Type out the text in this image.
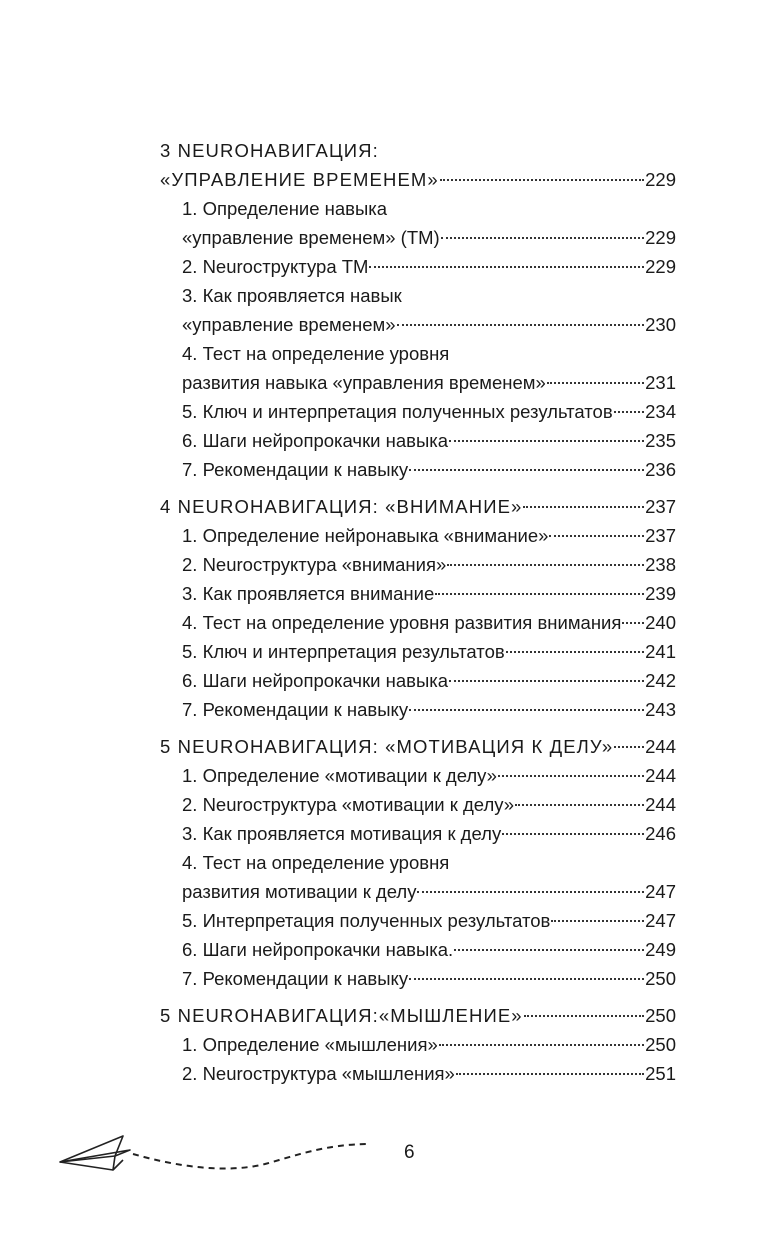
3 NEUROНАВИГАЦИЯ:
«УПРАВЛЕНИЕ ВРЕМЕНЕМ»	229
1. Определение навыка
«управление временем» (ТМ)	229
2. Neurоструктура ТМ	229
3. Как проявляется навык
«управление временем»	230
4. Тест на определение уровня
развития навыка «управления временем»	231
5. Ключ и интерпретация полученных результатов 234
6. Шаги нейропрокачки навыка	235
7. Рекомендации к навыку	236
4 NEUROНАВИГАЦИЯ: «ВНИМАНИЕ»	237
1. Определение нейронавыка «внимание»	237
2. Neurоструктура «внимания»	238
3. Как проявляется внимание	239
4. Тест на определение уровня развития внимания 240
5. Ключ и интерпретация результатов	241
6. Шаги нейропрокачки навыка	242
7. Рекомендации к навыку	243
5 NEUROНАВИГАЦИЯ: «МОТИВАЦИЯ К ДЕЛУ» 244
1. Определение «мотивации к делу»	244
2. Neurоструктура «мотивации к делу»	244
3. Как проявляется мотивация к делу	246
4. Тест на определение уровня
развития мотивации к делу	247
5. Интерпретация полученных результатов	247
6. Шаги нейропрокачки навыка.	249
7. Рекомендации к навыку	250
5 NEUROНАВИГАЦИЯ:«МЫШЛЕНИЕ»	250
1. Определение «мышления»	250
2. Neurоструктура «мышления»	251
6
